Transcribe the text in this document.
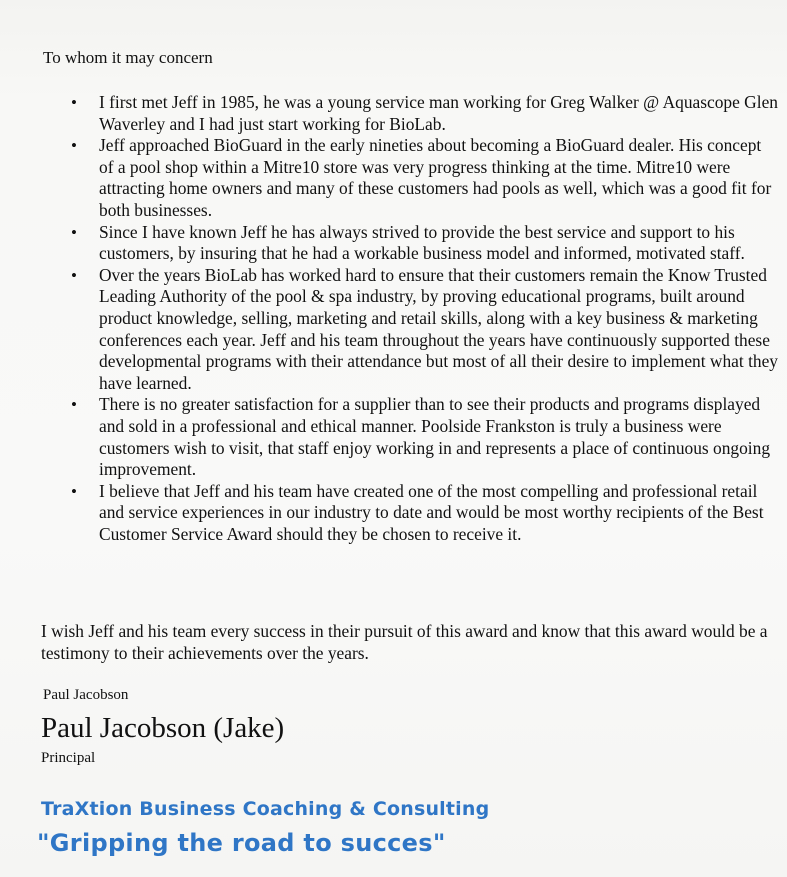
To whom it may concern
• I first met Jeff in 1985, he was a young service man working for Greg Walker @ Aquascope Glen Waverley and I had just start working for BioLab.
• Jeff approached BioGuard in the early nineties about becoming a BioGuard dealer. His concept of a pool shop within a Mitre10 store was very progress thinking at the time. Mitre10 were attracting home owners and many of these customers had pools as well, which was a good fit for both businesses.
• Since I have known Jeff he has always strived to provide the best service and support to his customers, by insuring that he had a workable business model and informed, motivated staff.
• Over the years BioLab has worked hard to ensure that their customers remain the Know Trusted Leading Authority of the pool & spa industry, by proving educational programs, built around product knowledge, selling, marketing and retail skills, along with a key business & marketing conferences each year. Jeff and his team throughout the years have continuously supported these developmental programs with their attendance but most of all their desire to implement what they have learned.
• There is no greater satisfaction for a supplier than to see their products and programs displayed and sold in a professional and ethical manner. Poolside Frankston is truly a business were customers wish to visit, that staff enjoy working in and represents a place of continuous ongoing improvement.
• I believe that Jeff and his team have created one of the most compelling and professional retail and service experiences in our industry to date and would be most worthy recipients of the Best Customer Service Award should they be chosen to receive it.
I wish Jeff and his team every success in their pursuit of this award and know that this award would be a testimony to their achievements over the years.
Paul Jacobson
Paul Jacobson (Jake)
Principal
TraXtion Business Coaching & Consulting
"Gripping the road to succes"
